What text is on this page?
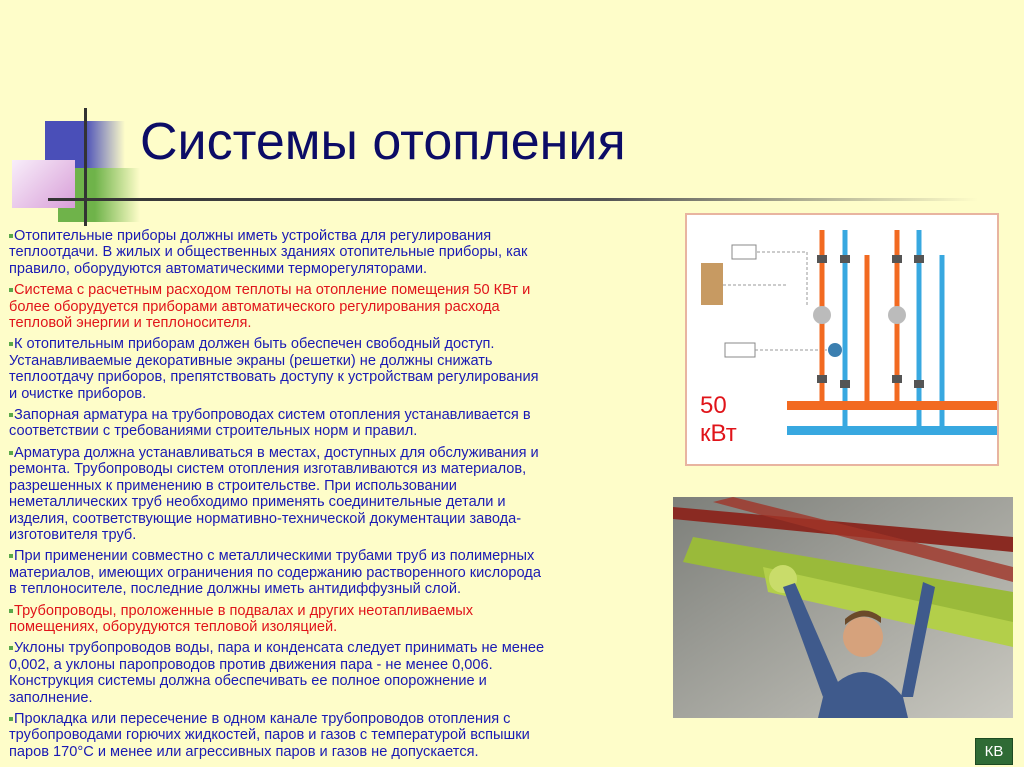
Системы отопления
Отопительные приборы должны иметь устройства для регулирования
теплоотдачи. В жилых и общественных зданиях отопительные приборы, как
правило, оборудуются автоматическими терморегуляторами.
Система с расчетным расходом теплоты на отопление помещения 50 КВт и
более оборудуется приборами автоматического регулирования расхода
тепловой энергии и теплоносителя.
К отопительным приборам должен быть обеспечен свободный доступ.
Устанавливаемые декоративные экраны (решетки) не должны снижать
теплоотдачу приборов, препятствовать доступу к устройствам регулирования
и очистке приборов.
Запорная арматура на трубопроводах систем отопления устанавливается в
соответствии с требованиями строительных норм и правил.
Арматура должна устанавливаться в местах, доступных для обслуживания и
ремонта. Трубопроводы систем отопления изготавливаются из материалов,
разрешенных к применению в строительстве. При использовании
неметаллических труб необходимо применять соединительные детали и
изделия, соответствующие нормативно-технической документации завода-
изготовителя труб.
При применении совместно с металлическими трубами труб из полимерных
материалов, имеющих ограничения по содержанию растворенного кислорода
в теплоносителе, последние должны иметь антидиффузный слой.
Трубопроводы, проложенные в подвалах и других неотапливаемых
помещениях, оборудуются тепловой изоляцией.
Уклоны трубопроводов воды, пара и конденсата следует принимать не менее
0,002, а уклоны паропроводов против движения пара - не менее 0,006.
Конструкция системы должна обеспечивать ее полное опорожнение и
заполнение.
Прокладка или пересечение в одном канале трубопроводов отопления с
трубопроводами горючих жидкостей, паров и газов с температурой вспышки
паров 170°С и менее или агрессивных паров и газов не допускается.
50
кВт
КВ
